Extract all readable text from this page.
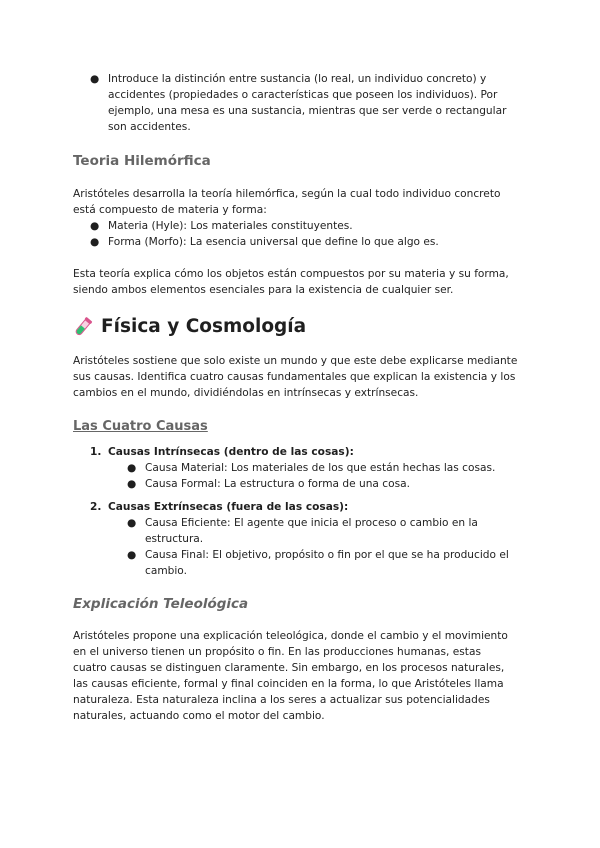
● Introduce la distinción entre sustancia (lo real, un individuo concreto) y accidentes (propiedades o características que poseen los individuos). Por ejemplo, una mesa es una sustancia, mientras que ser verde o rectangular son accidentes.
Teoria Hilemórfica

Aristóteles desarrolla la teoría hilemórfica, según la cual todo individuo concreto está compuesto de materia y forma:

● Materia (Hyle): Los materiales constituyentes.
● Forma (Morfo): La esencia universal que define lo que algo es.

Esta teoría explica cómo los objetos están compuestos por su materia y su forma, siendo ambos elementos esenciales para la existencia de cualquier ser.

Física y Cosmología

Aristóteles sostiene que solo existe un mundo y que este debe explicarse mediante sus causas. Identifica cuatro causas fundamentales que explican la existencia y los cambios en el mundo, dividiéndolas en intrínsecas y extrínsecas.

Las Cuatro Causas
1. Causas Intrínsecas (dentro de las cosas):
● Causa Material: Los materiales de los que están hechas las cosas.
● Causa Formal: La estructura o forma de una cosa.
2. Causas Extrínsecas (fuera de las cosas):
● Causa Eficiente: El agente que inicia el proceso o cambio en la estructura.
● Causa Final: El objetivo, propósito o fin por el que se ha producido el cambio.
Explicación Teleológica

Aristóteles propone una explicación teleológica, donde el cambio y el movimiento en el universo tienen un propósito o fin. En las producciones humanas, estas cuatro causas se distinguen claramente. Sin embargo, en los procesos naturales, las causas eficiente, formal y final coinciden en la forma, lo que Aristóteles llama naturaleza. Esta naturaleza inclina a los seres a actualizar sus potencialidades naturales, actuando como el motor del cambio.
